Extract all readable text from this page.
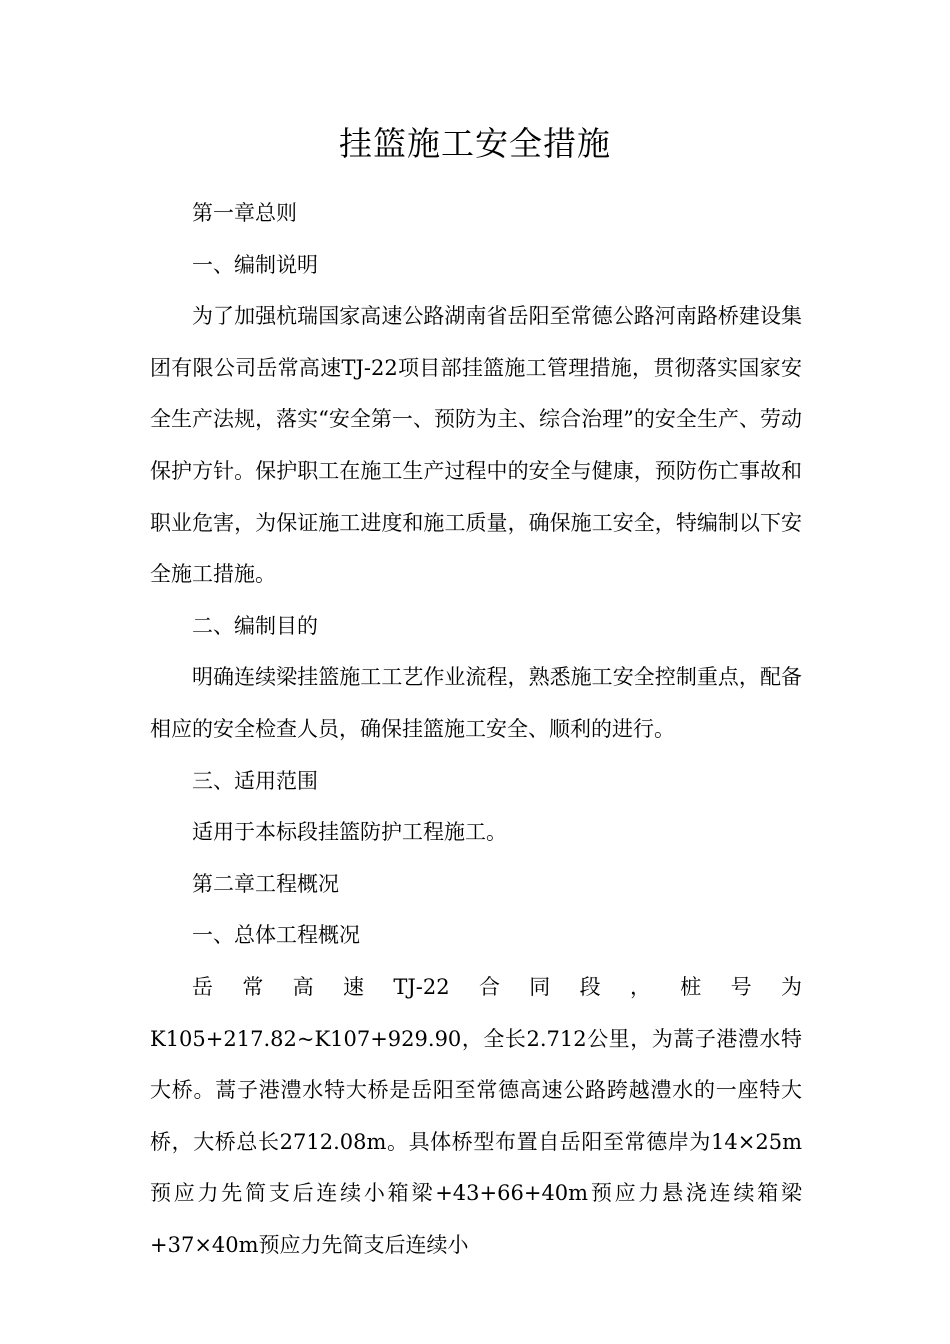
挂篮施工安全措施

第一章总则

一、编制说明

为了加强杭瑞国家高速公路湖南省岳阳至常德公路河南路桥建设集团有限公司岳常高速TJ-22项目部挂篮施工管理措施，贯彻落实国家安全生产法规，落实“安全第一、预防为主、综合治理”的安全生产、劳动保护方针。保护职工在施工生产过程中的安全与健康，预防伤亡事故和职业危害，为保证施工进度和施工质量，确保施工安全，特编制以下安全施工措施。

二、编制目的

明确连续梁挂篮施工工艺作业流程，熟悉施工安全控制重点，配备相应的安全检查人员，确保挂篮施工安全、顺利的进行。

三、适用范围

适用于本标段挂篮防护工程施工。

第二章工程概况

一、总体工程概况

岳常高速TJ-22合同段，桩号为K105+217.82~K107+929.90，全长2.712公里，为蒿子港澧水特大桥。蒿子港澧水特大桥是岳阳至常德高速公路跨越澧水的一座特大桥，大桥总长2712.08m。具体桥型布置自岳阳至常德岸为14×25m预应力先简支后连续小箱梁+43+66+40m预应力悬浇连续箱梁+37×40m预应力先简支后连续小
